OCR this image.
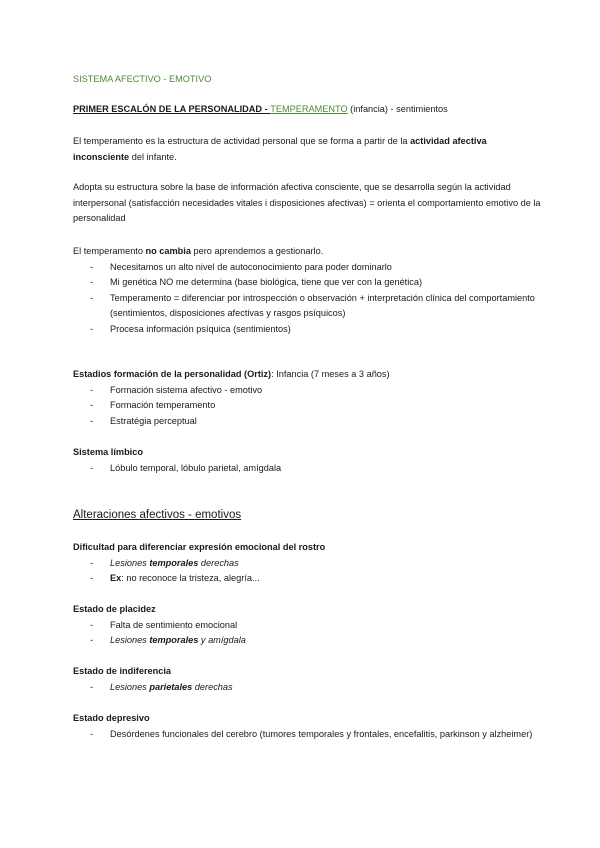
SISTEMA AFECTIVO - EMOTIVO

PRIMER ESCALÓN DE LA PERSONALIDAD - TEMPERAMENTO (infancia) - sentimientos

El temperamento es la estructura de actividad personal que se forma a partir de la actividad afectiva inconsciente del infante.

Adopta su estructura sobre la base de información afectiva consciente, que se desarrolla según la actividad interpersonal (satisfacción necesidades vitales i disposiciones afectivas) = orienta el comportamiento emotivo de la personalidad

El temperamento no cambia pero aprendemos a gestionarlo.

- Necesitamos un alto nivel de autoconocimiento para poder dominarlo
- Mi genética NO me determina (base biológica, tiene que ver con la genética)
- Temperamento = diferenciar por introspección o observación + interpretación clínica del comportamiento (sentimientos, disposiciones afectivas y rasgos psíquicos)
- Procesa información psíquica (sentimientos)

Estadios formación de la personalidad (Ortiz): Infancia (7 meses a 3 años)

- Formación sistema afectivo - emotivo
- Formación temperamento
- Estratégia perceptual

Sistema límbico

- Lóbulo temporal, lóbulo parietal, amígdala

Alteraciones afectivos - emotivos

Dificultad para diferenciar expresión emocional del rostro

- Lesiones temporales derechas
- Ex: no reconoce la tristeza, alegría...

Estado de placidez

- Falta de sentimiento emocional
- Lesiones temporales y amígdala

Estado de indiferencia

- Lesiones parietales derechas

Estado depresivo

- Desórdenes funcionales del cerebro (tumores temporales y frontales, encefalitis, parkinson y alzheimer)
